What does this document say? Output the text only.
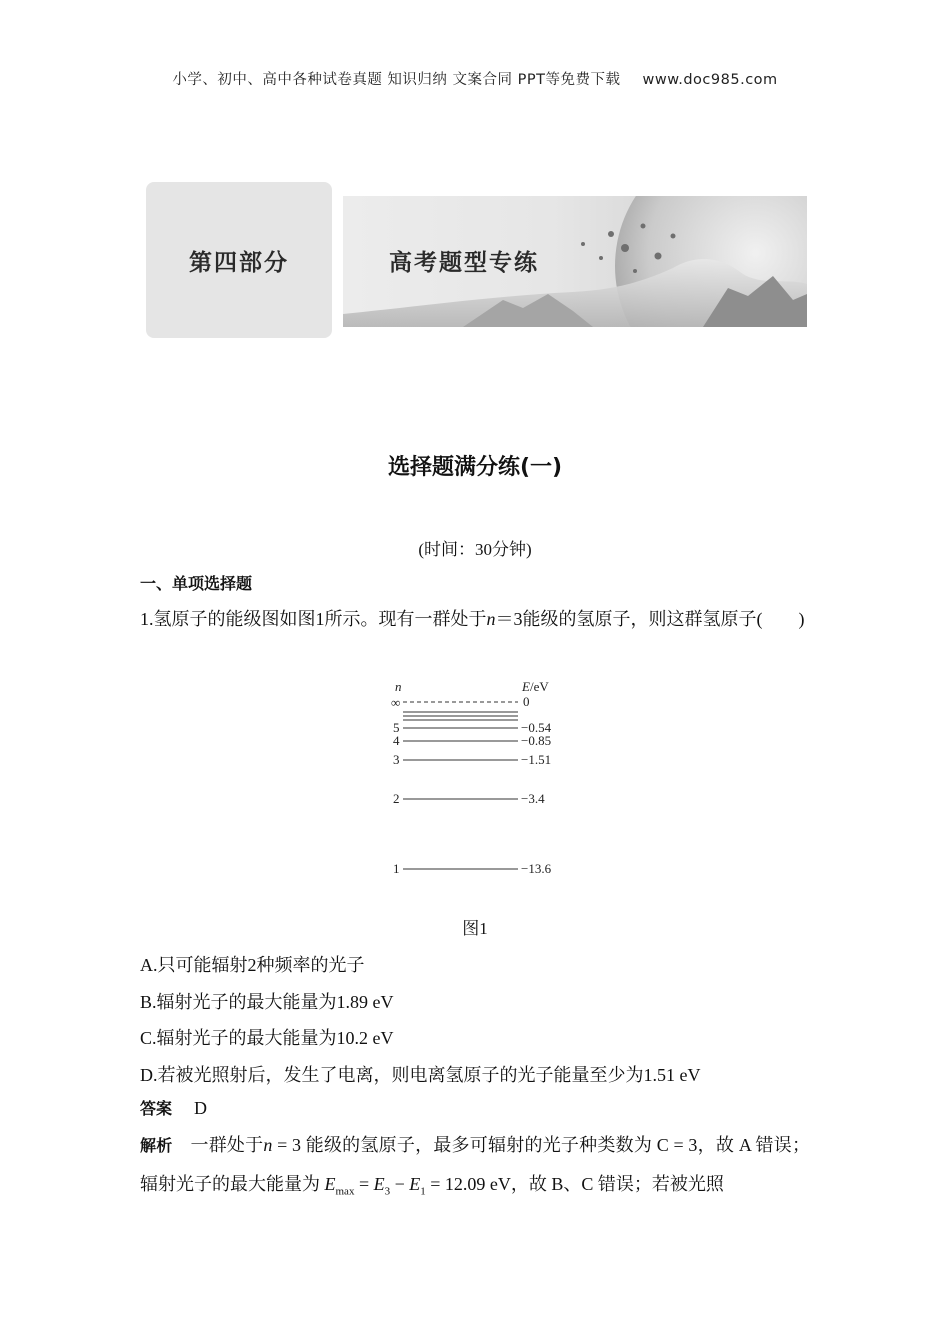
小学、初中、高中各种试卷真题 知识归纳 文案合同 PPT等免费下载 www.doc985.com
第四部分	高考题型专练
选择题满分练(一)
(时间：30分钟)
一、单项选择题
1.氢原子的能级图如图1所示。现有一群处于n＝3能级的氢原子，则这群氢原子(　　)
n	E/eV
∞	0
5	−0.54
4	−0.85
3	−1.51
2	−3.4
1	−13.6
图1
A.只可能辐射2种频率的光子
B.辐射光子的最大能量为1.89 eV
C.辐射光子的最大能量为10.2 eV
D.若被光照射后，发生了电离，则电离氢原子的光子能量至少为1.51 eV
答案 D
解析 一群处于n = 3 能级的氢原子，最多可辐射的光子种类数为 C = 3，故 A 错误；辐射光子的最大能量为 $E_{max} = E_3 - E_1 = 12.09$ eV，故 B、C 错误；若被光照
